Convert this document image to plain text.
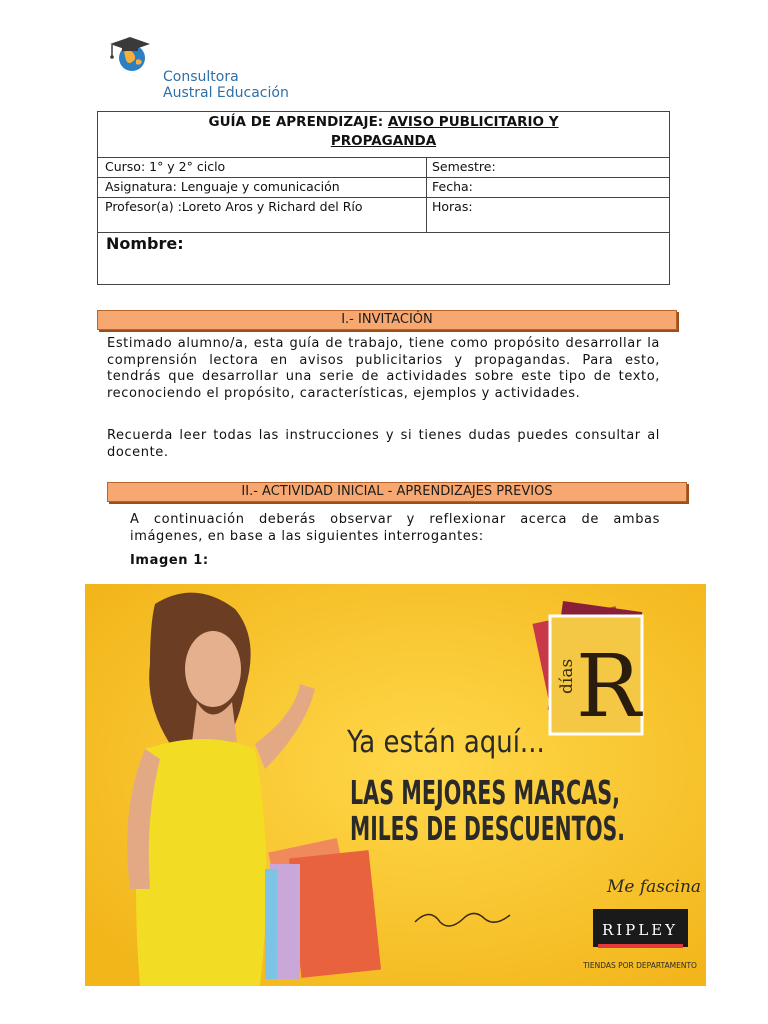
Consultora
Austral Educación
GUÍA DE APRENDIZAJE: AVISO PUBLICITARIO Y
PROPAGANDA
Curso: 1° y 2° ciclo	Semestre:
Asignatura: Lenguaje y comunicación	Fecha:
Profesor(a) :Loreto Aros y Richard del Río	Horas:
Nombre:
I.- INVITACIÓN
Estimado alumno/a, esta guía de trabajo, tiene como propósito desarrollar la comprensión lectora en avisos publicitarios y propagandas. Para esto, tendrás que desarrollar una serie de actividades sobre este tipo de texto, reconociendo el propósito, características, ejemplos y actividades.
Recuerda leer todas las instrucciones y si tienes dudas puedes consultar al docente.
II.- ACTIVIDAD INICIAL - APRENDIZAJES PREVIOS
A continuación deberás observar y reflexionar acerca de ambas imágenes, en base a las siguientes interrogantes:
Imagen 1:
días R
Ya están aquí...
LAS MEJORES MARCAS,
MILES DE DESCUENTOS.
Me fascina
RIPLEY
TIENDAS POR DEPARTAMENTO
